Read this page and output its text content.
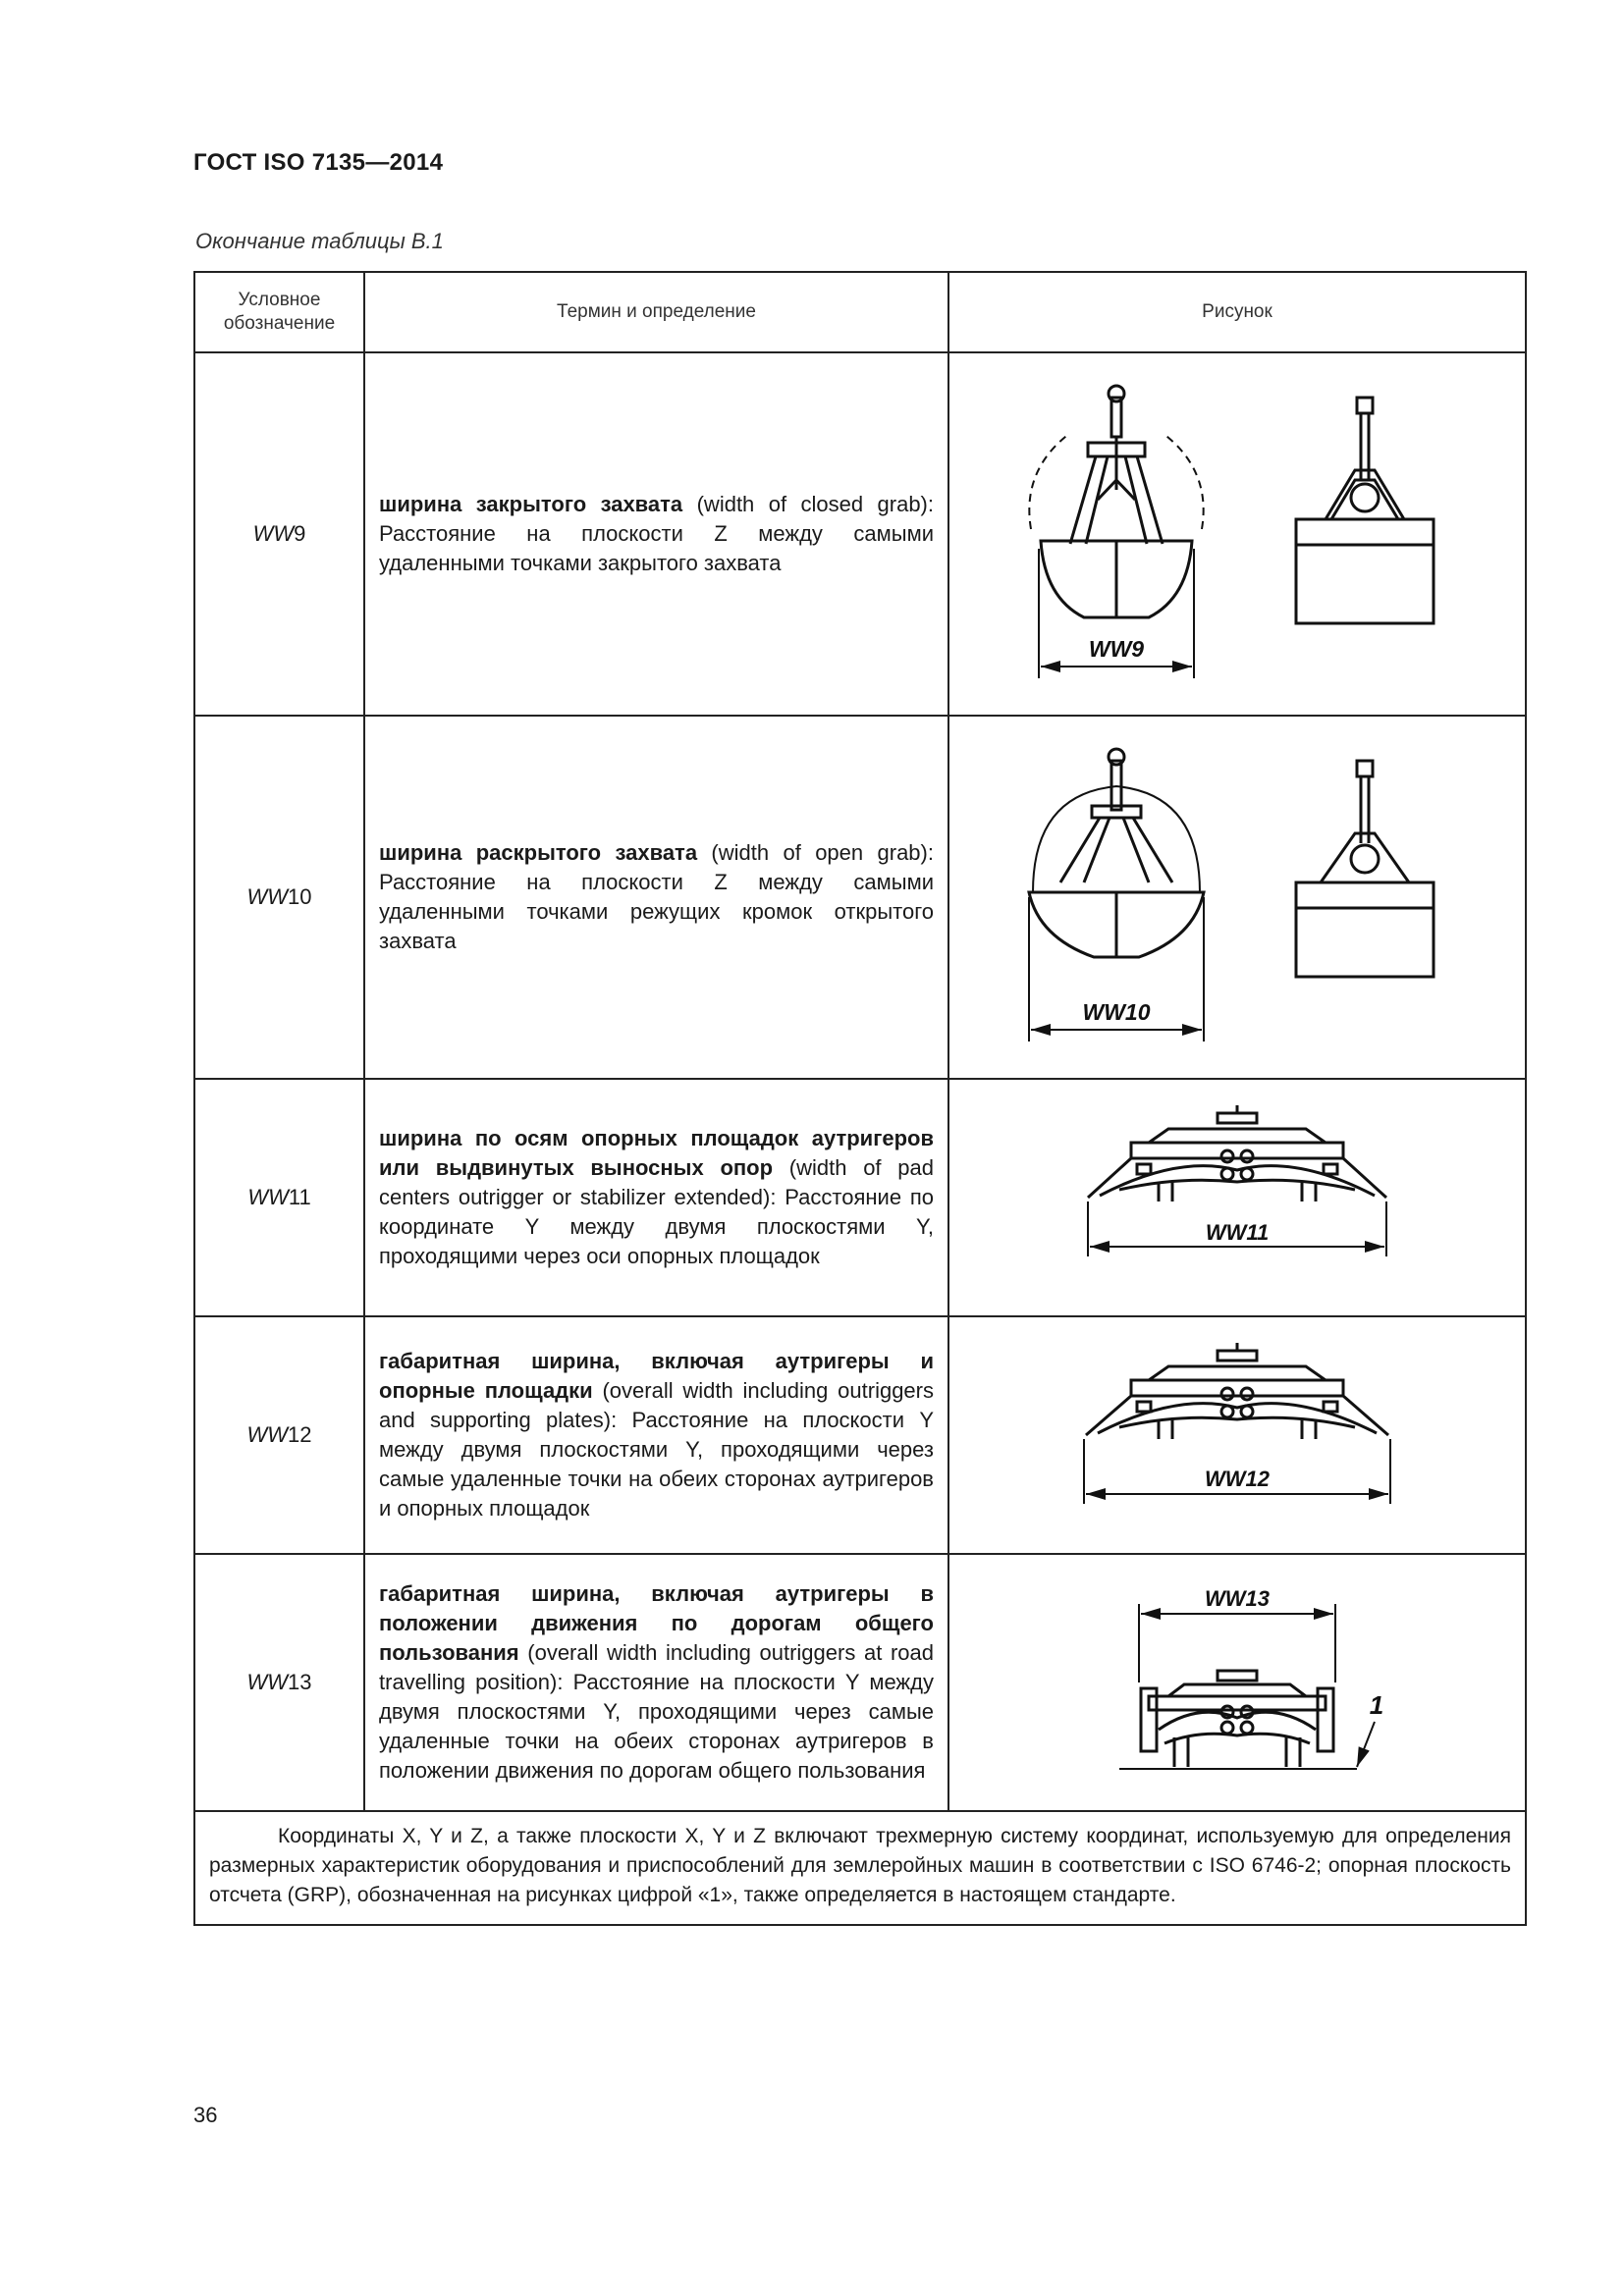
ГОСТ ISO 7135—2014
Окончание таблицы В.1
Условное обозначение	Термин и определение	Рисунок
WW9	ширина закрытого захвата (width of closed grab): Расстояние на плоскости Z между самыми удаленными точками закрытого захвата	WW9

WW10	ширина раскрытого захвата (width of open grab): Расстояние на плоскости Z между самыми удаленными точками режущих кромок открытого захвата	WW10

WW11	ширина по осям опорных площадок аутригеров или выдвинутых выносных опор (width of pad centers outrigger or stabilizer extended): Расстояние по координате Y между двумя плоскостями Y, проходящими через оси опорных площадок	WW11

WW12	габаритная ширина, включая аутригеры и опорные площадки (overall width including outriggers and supporting plates): Расстояние на плоскости Y между двумя плоскостями Y, проходящими через самые удаленные точки на обеих сторонах аутригеров и опорных площадок	WW12

WW13	габаритная ширина, включая аутригеры в положении движения по дорогам общего пользования (overall width including outriggers at road travelling position): Расстояние на плоскости Y между двумя плоскостями Y, проходящими через самые удаленные точки на обеих сторонах аутригеров в положении движения по дорогам общего пользования	WW13
1

Координаты X, Y и Z, а также плоскости X, Y и Z включают трехмерную систему координат, используемую для определения размерных характеристик оборудования и приспособлений для землеройных машин в соответствии с ISO 6746-2; опорная плоскость отсчета (GRP), обозначенная на рисунках цифрой «1», также определяется в настоящем стандарте.		
36
